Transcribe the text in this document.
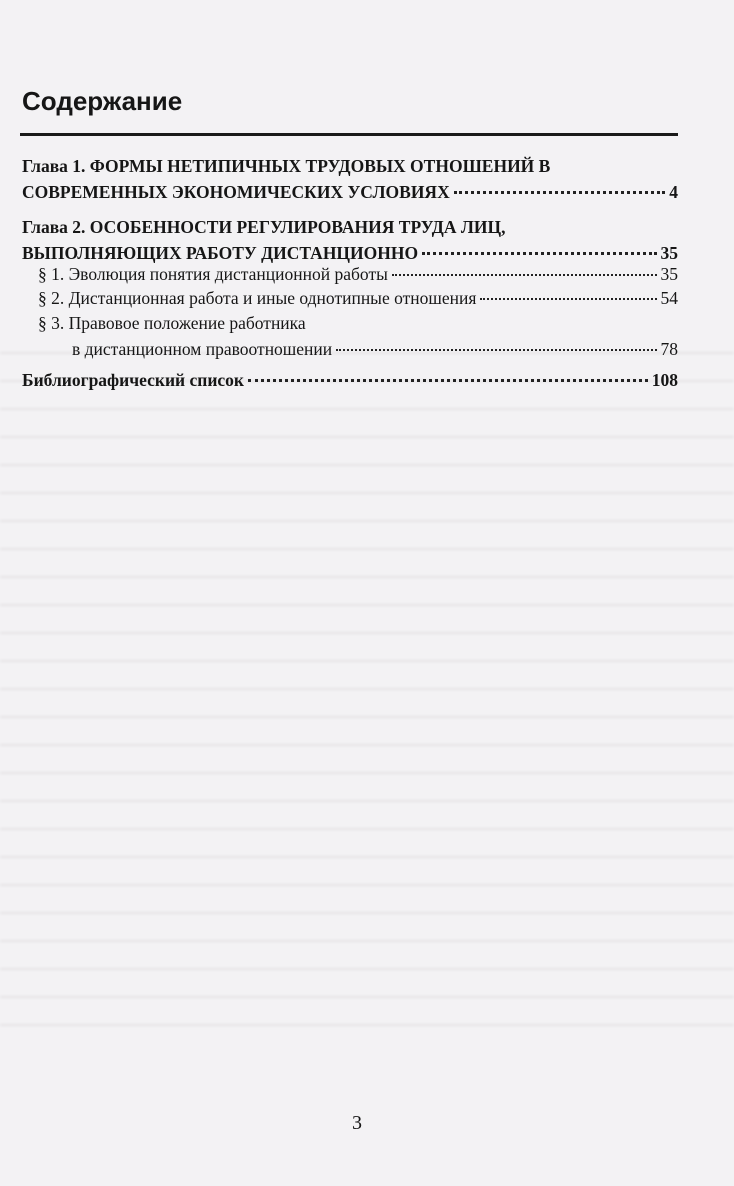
Содержание
Глава 1. ФОРМЫ НЕТИПИЧНЫХ ТРУДОВЫХ ОТНОШЕНИЙ В
СОВРЕМЕННЫХ ЭКОНОМИЧЕСКИХ УСЛОВИЯХ	4
Глава 2. ОСОБЕННОСТИ РЕГУЛИРОВАНИЯ ТРУДА ЛИЦ,
ВЫПОЛНЯЮЩИХ РАБОТУ ДИСТАНЦИОННО	35
§ 1. Эволюция понятия дистанционной работы	35
§ 2. Дистанционная работа и иные однотипные отношения	54
§ 3. Правовое положение работника
в дистанционном правоотношении	78
Библиографический список	108
3
